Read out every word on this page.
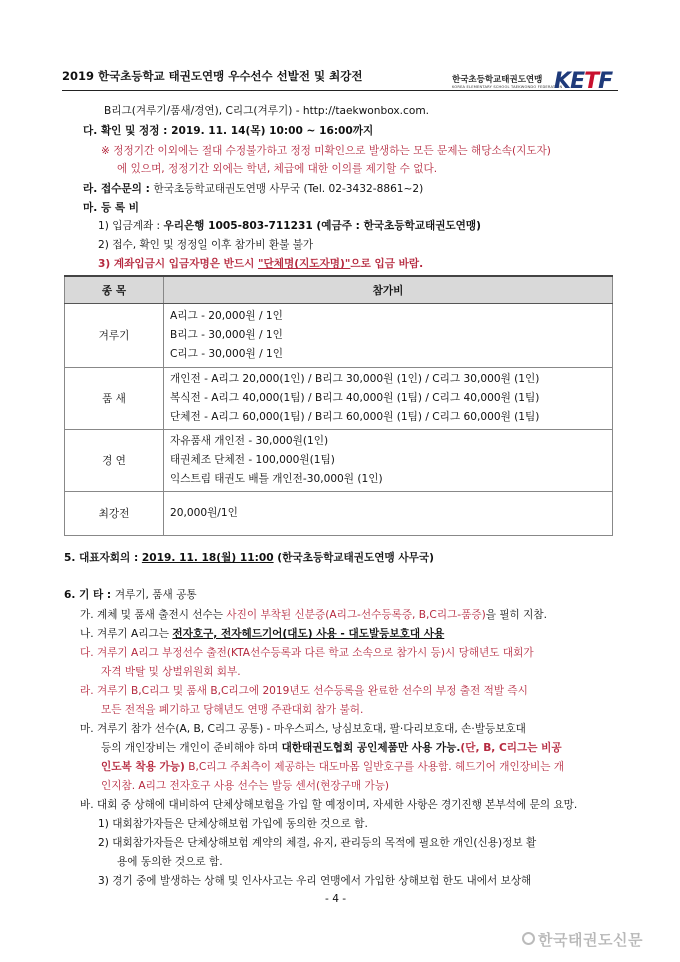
2019 한국초등학교 태권도연맹 우수선수 선발전 및 최강전	한국초등학교태권도연맹
KOREA ELEMENTARY SCHOOL TAEKWONDO FEDERATION
KETF
B리그(겨루기/품새/경연), C리그(겨루기) - http://taekwonbox.com.
다. 확인 및 정정 : 2019. 11. 14(목) 10:00 ~ 16:00까지
※ 정정기간 이외에는 절대 수정불가하고 정정 미확인으로 발생하는 모든 문제는 해당소속(지도자)
에 있으며, 정정기간 외에는 학년, 체급에 대한 이의를 제기할 수 없다.
라. 접수문의 : 한국초등학교태권도연맹 사무국 (Tel. 02-3432-8861~2)
마. 등 록 비
1) 입금계좌 : 우리은행 1005-803-711231 (예금주 : 한국초등학교태권도연맹)
2) 접수, 확인 및 정정일 이후 참가비 환불 불가
3) 계좌입금시 입금자명은 반드시 "단체명(지도자명)"으로 입금 바람.
종 목	참가비
겨루기	A리그 - 20,000원 / 1인
B리그 - 30,000원 / 1인
C리그 - 30,000원 / 1인

품 새	개인전 - A리그 20,000(1인) / B리그 30,000원 (1인) / C리그 30,000원 (1인)
복식전 - A리그 40,000(1팀) / B리그 40,000원 (1팀) / C리그 40,000원 (1팀)
단체전 - A리그 60,000(1팀) / B리그 60,000원 (1팀) / C리그 60,000원 (1팀)

경 연	자유품새 개인전 - 30,000원(1인)
태권체조 단체전 - 100,000원(1팀)
익스트림 태권도 배틀 개인전-30,000원 (1인)

최강전	20,000원/1인
5. 대표자회의 : 2019. 11. 18(월) 11:00 (한국초등학교태권도연맹 사무국)
6. 기 타 : 겨루기, 품새 공통
가. 계체 및 품새 출전시 선수는 사진이 부착된 신분증(A리그-선수등록증, B,C리그-품증)을 필히 지참.
나. 겨루기 A리그는 전자호구, 전자헤드기어(대도) 사용 - 대도발등보호대 사용
다. 겨루기 A리그 부정선수 출전(KTA선수등록과 다른 학교 소속으로 참가시 등)시 당해년도 대회가
자격 박탈 및 상벌위원회 회부.
라. 겨루기 B,C리그 및 품새 B,C리그에 2019년도 선수등록을 완료한 선수의 부정 출전 적발 즉시
모든 전적을 폐기하고 당해년도 연맹 주관대회 참가 불허.
마. 겨루기 참가 선수(A, B, C리그 공통) - 마우스피스, 낭심보호대, 팔·다리보호대, 손·발등보호대
등의 개인장비는 개인이 준비해야 하며 대한태권도협회 공인제품만 사용 가능.(단, B, C리그는 비공
인도복 착용 가능) B,C리그 주최측이 제공하는 대도마몸 일반호구를 사용함. 헤드기어 개인장비는 개
인지참. A리그 전자호구 사용 선수는 발등 센서(현장구매 가능)
바. 대회 중 상해에 대비하여 단체상해보험을 가입 할 예정이며, 자세한 사항은 경기진행 본부석에 문의 요망.
1) 대회참가자들은 단체상해보험 가입에 동의한 것으로 함.
2) 대회참가자들은 단체상해보험 계약의 체결, 유지, 관리등의 목적에 필요한 개인(신용)정보 활
용에 동의한 것으로 함.
3) 경기 중에 발생하는 상해 및 인사사고는 우리 연맹에서 가입한 상해보험 한도 내에서 보상해
- 4 -
한국태권도신문
